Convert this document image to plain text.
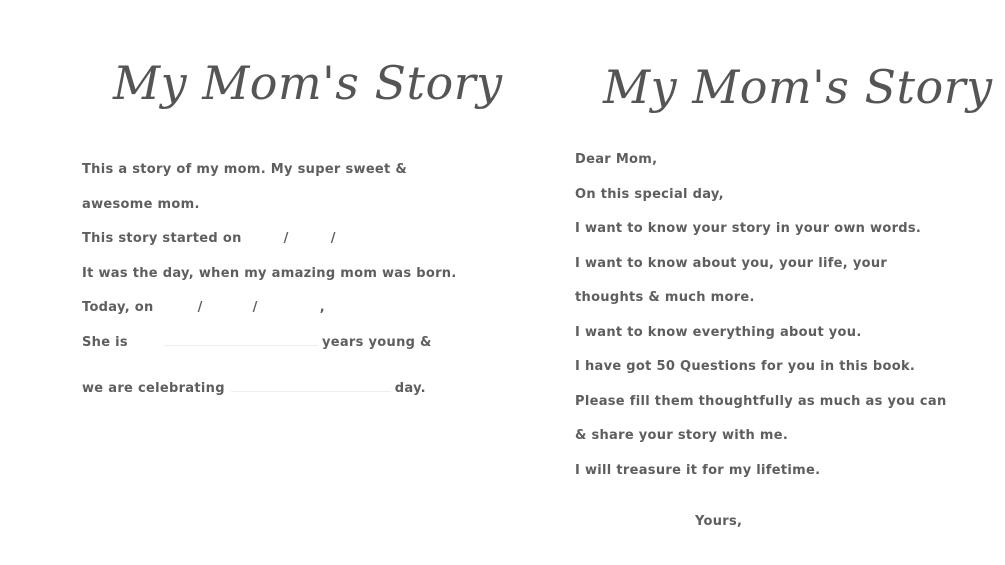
My Mom's Story

This a story of my mom. My super sweet &

awesome mom.

This story started on	/	/

It was the day, when my amazing mom was born.

Today, on	/	/	,

She is	years young &

we are celebrating	day.

My Mom's Story

Dear Mom,

On this special day,

I want to know your story in your own words.

I want to know about you, your life, your

thoughts & much more.

I want to know everything about you.

I have got 50 Questions for you in this book.

Please fill them thoughtfully as much as you can

& share your story with me.

I will treasure it for my lifetime.

Yours,
